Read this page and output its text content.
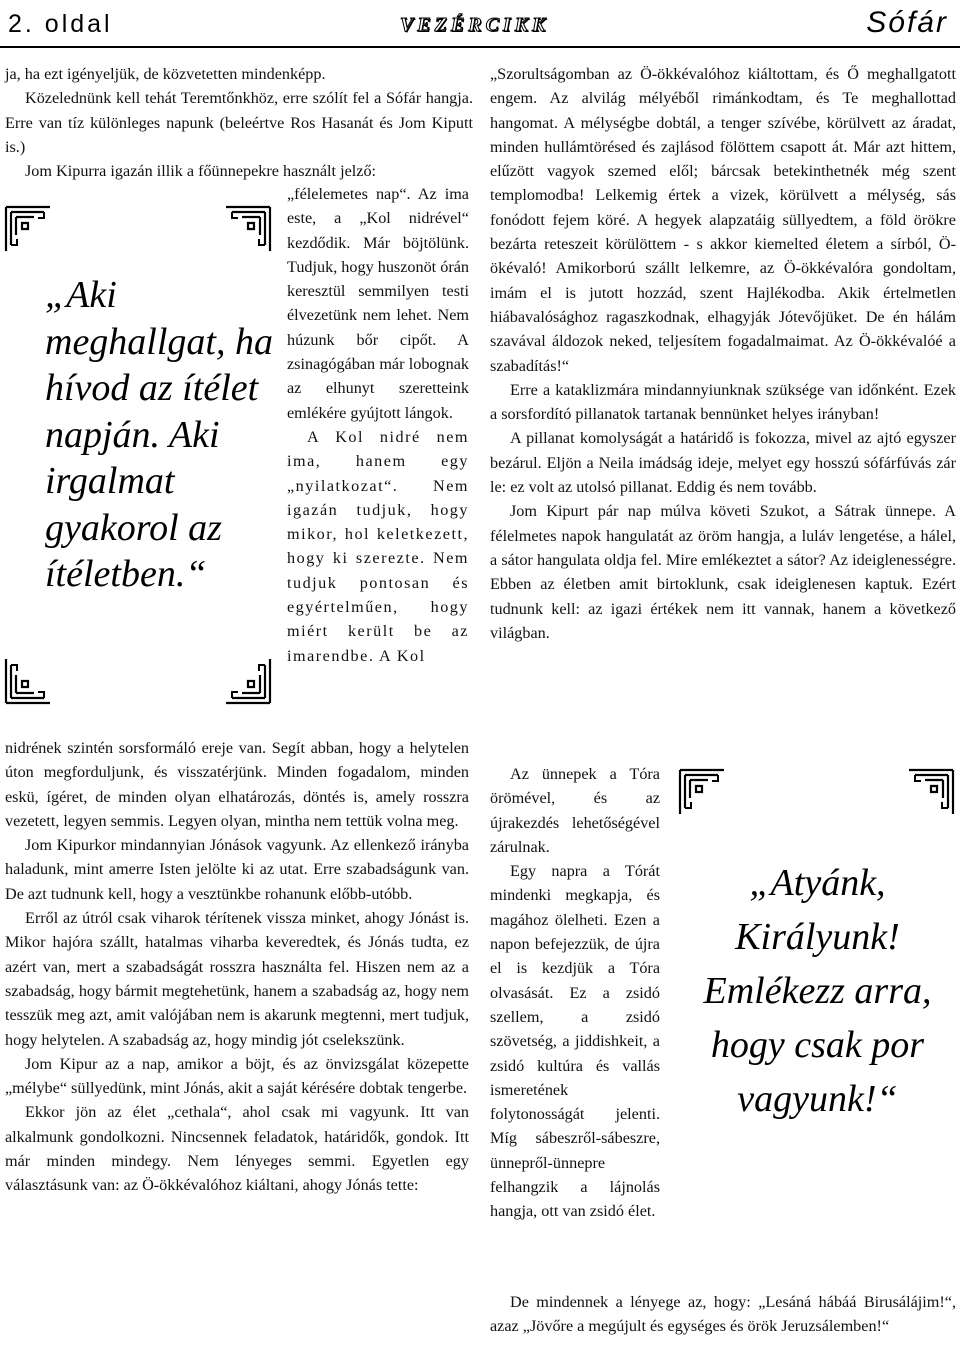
2. oldal	VEZÉRCIKK	Sófár

ja, ha ezt igényeljük, de közvetetten mindenképp.

Közelednünk kell tehát Teremtőnkhöz, erre szólít fel a Sófár hangja. Erre van tíz különleges napunk (beleértve Ros Hasanát és Jom Kiputt is.)

Jom Kipurra igazán illik a főünnepekre használt jelző:

„félelemetes nap“. Az ima este, a „Kol nidrével“ kezdődik. Már böjtölünk. Tudjuk, hogy huszonöt órán keresztül semmilyen testi élvezetünk nem lehet. Nem húzunk bőr cipőt. A zsinagógában már lobognak az elhunyt szeretteink emlékére gyújtott lángok.

A Kol nidré nem ima, hanem egy „nyilatkozat“. Nem igazán tudjuk, hogy mikor, hol keletkezett, hogy ki szerezte. Nem tudjuk pontosan és egyértelműen, hogy miért került be az imarendbe. A Kol

nidrének szintén sorsformáló ereje van. Segít abban, hogy a helytelen úton megforduljunk, és visszatérjünk. Minden fogadalom, minden eskü, ígéret, de minden olyan elhatározás, döntés is, amely rosszra vezetett, legyen semmis. Legyen olyan, mintha nem tettük volna meg.

Jom Kipurkor mindannyian Jónások vagyunk. Az ellenkező irányba haladunk, mint amerre Isten jelölte ki az utat. Erre szabadságunk van. De azt tudnunk kell, hogy a vesztünkbe rohanunk előbb-utóbb.

Erről az útról csak viharok térítenek vissza minket, ahogy Jónást is. Mikor hajóra szállt, hatalmas viharba keveredtek, és Jónás tudta, ez azért van, mert a szabadságát rosszra használta fel. Hiszen nem az a szabadság, hogy bármit megtehetünk, hanem a szabadság az, hogy nem tesszük meg azt, amit valójában nem is akarunk megtenni, mert tudjuk, hogy helytelen. A szabadság az, hogy mindig jót cselekszünk.

Jom Kipur az a nap, amikor a böjt, és az önvizsgálat közepette „mélybe“ süllyedünk, mint Jónás, akit a saját kérésére dobtak tengerbe.

Ekkor jön az élet „cethala“, ahol csak mi vagyunk. Itt van alkalmunk gondolkozni. Nincsennek feladatok, határidők, gondok. Itt már minden mindegy. Nem lényeges semmi. Egyetlen egy választásunk van: az Ö-ökkévalóhoz kiáltani, ahogy Jónás tette:

„Aki meghallgat, ha hívod az ítélet napján. Aki irgalmat gyakorol az ítéletben.“

„Szorultságomban az Ö-ökkévalóhoz kiáltottam, és Ő meghallgatott engem. Az alvilág mélyéből rimánkodtam, és Te meghallottad hangomat. A mélységbe dobtál, a tenger szívébe, körülvett az áradat, minden hullámtörésed és zajlásod fölöttem csapott át. Már azt hittem, elűzött vagyok szemed elől; bárcsak betekinthetnék még szent templomodba! Lelkemig értek a vizek, körülvett a mélység, sás fonódott fejem köré. A hegyek alapzatáig süllyedtem, a föld örökre bezárta reteszeit körülöttem - s akkor kiemelted életem a sírból, Ö-ökévaló! Amikorború szállt lelkemre, az Ö-ökkévalóra gondoltam, imám el is jutott hozzád, szent Hajlékodba. Akik értelmetlen hiábavalósághoz ragaszkodnak, elhagyják Jótevőjüket. De én hálám szavával áldozok neked, teljesítem fogadalmaimat. Az Ö-ökkévalóé a szabadítás!“

Erre a kataklizmára mindannyiunknak szüksége van időnként. Ezek a sorsfordító pillanatok tartanak bennünket helyes irányban!

A pillanat komolyságát a határidő is fokozza, mivel az ajtó egyszer bezárul. Eljön a Neila imádság ideje, melyet egy hosszú sófárfúvás zár le: ez volt az utolsó pillanat. Eddig és nem tovább.

Jom Kipurt pár nap múlva követi Szukot, a Sátrak ünnepe. A félelmetes napok hangulatát az öröm hangja, a luláv lengetése, a hálel, a sátor hangulata oldja fel. Mire emlékeztet a sátor? Az ideiglenességre. Ebben az életben amit birtoklunk, csak ideiglenesen kaptuk. Ezért tudnunk kell: az igazi értékek nem itt vannak, hanem a következő világban.

Az ünnepek a Tóra örömével, és az újrakezdés lehetőségével zárulnak.

Egy napra a Tórát mindenki megkapja, és magához ölelheti. Ezen a napon befejezzük, de újra el is kezdjük a Tóra olvasását. Ez a zsidó szellem, a zsidó szövetség, a jiddishkeit, a zsidó kultúra és vallás ismeretének folytonosságát jelenti. Míg sábeszről-sábeszre, ünnepről-ünnepre felhangzik a lájnolás hangja, ott van zsidó élet.

De mindennek a lényege az, hogy: „Lesáná hábáá Birusálájim!“, azaz „Jövőre a megújult és egységes és örök Jeruzsálemben!“

„Atyánk, Királyunk! Emlékezz arra, hogy csak por vagyunk!“
